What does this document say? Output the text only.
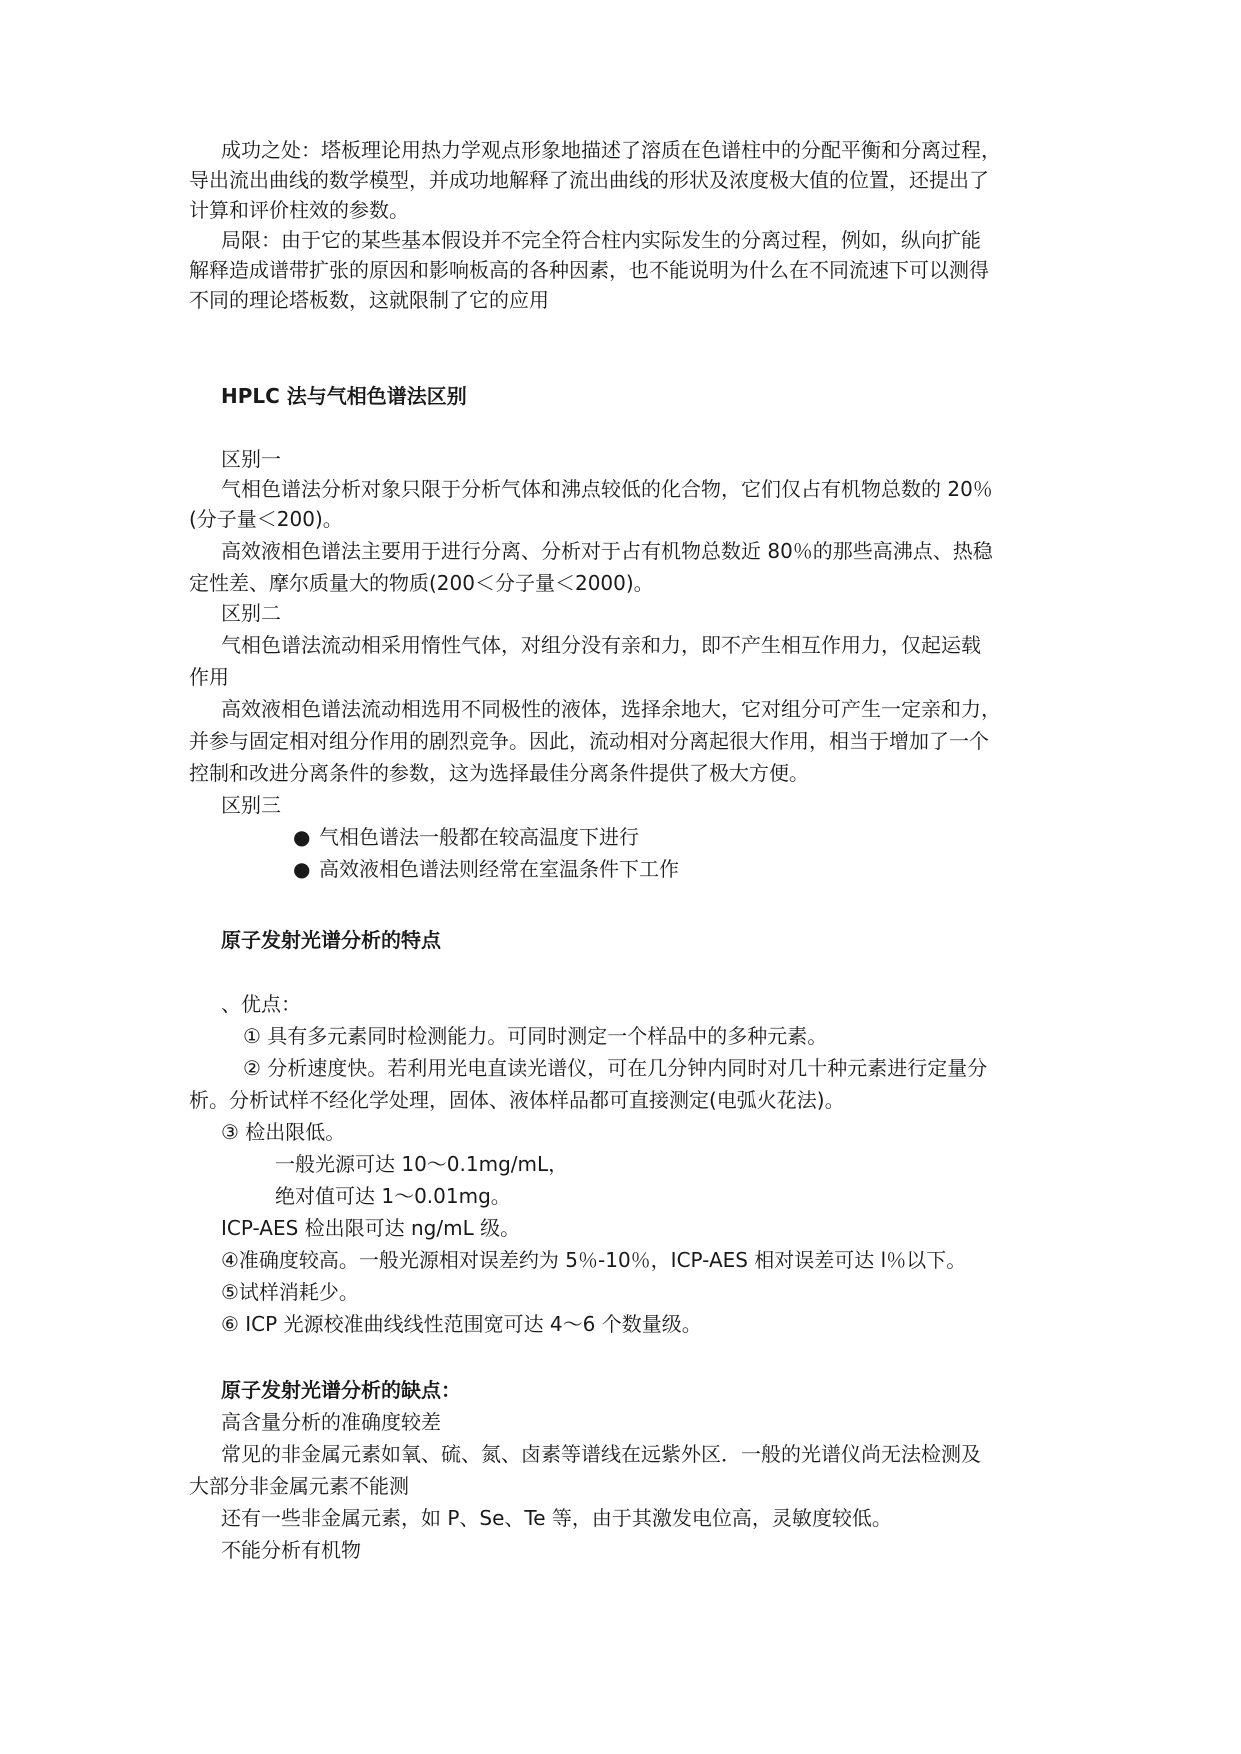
成功之处：塔板理论用热力学观点形象地描述了溶质在色谱柱中的分配平衡和分离过程，
导出流出曲线的数学模型，并成功地解释了流出曲线的形状及浓度极大值的位置，还提出了
计算和评价柱效的参数。
局限：由于它的某些基本假设并不完全符合柱内实际发生的分离过程，例如，纵向扩能
解释造成谱带扩张的原因和影响板高的各种因素，也不能说明为什么在不同流速下可以测得
不同的理论塔板数，这就限制了它的应用
HPLC 法与气相色谱法区别
区别一
气相色谱法分析对象只限于分析气体和沸点较低的化合物，它们仅占有机物总数的 20％
(分子量＜200)。
高效液相色谱法主要用于进行分离、分析对于占有机物总数近 80％的那些高沸点、热稳
定性差、摩尔质量大的物质(200＜分子量＜2000)。
区别二
气相色谱法流动相采用惰性气体，对组分没有亲和力，即不产生相互作用力，仅起运载
作用
高效液相色谱法流动相选用不同极性的液体，选择余地大，它对组分可产生一定亲和力，
并参与固定相对组分作用的剧烈竞争。因此，流动相对分离起很大作用，相当于增加了一个
控制和改进分离条件的参数，这为选择最佳分离条件提供了极大方便。
区别三
● 气相色谱法一般都在较高温度下进行
● 高效液相色谱法则经常在室温条件下工作
原子发射光谱分析的特点
、优点：
① 具有多元素同时检测能力。可同时测定一个样品中的多种元素。
② 分析速度快。若利用光电直读光谱仪，可在几分钟内同时对几十种元素进行定量分
析。分析试样不经化学处理，固体、液体样品都可直接测定(电弧火花法)。
③ 检出限低。
一般光源可达 10～0.1mg/mL，
绝对值可达 1～0.01mg。
ICP-AES 检出限可达 ng/mL 级。
④准确度较高。一般光源相对误差约为 5％-10％，ICP-AES 相对误差可达 l％以下。
⑤试样消耗少。
⑥ ICP 光源校准曲线线性范围宽可达 4～6 个数量级。
原子发射光谱分析的缺点：
高含量分析的准确度较差
常见的非金属元素如氧、硫、氮、卤素等谱线在远紫外区．一般的光谱仪尚无法检测及
大部分非金属元素不能测
还有一些非金属元素，如 P、Se、Te 等，由于其激发电位高，灵敏度较低。
不能分析有机物
